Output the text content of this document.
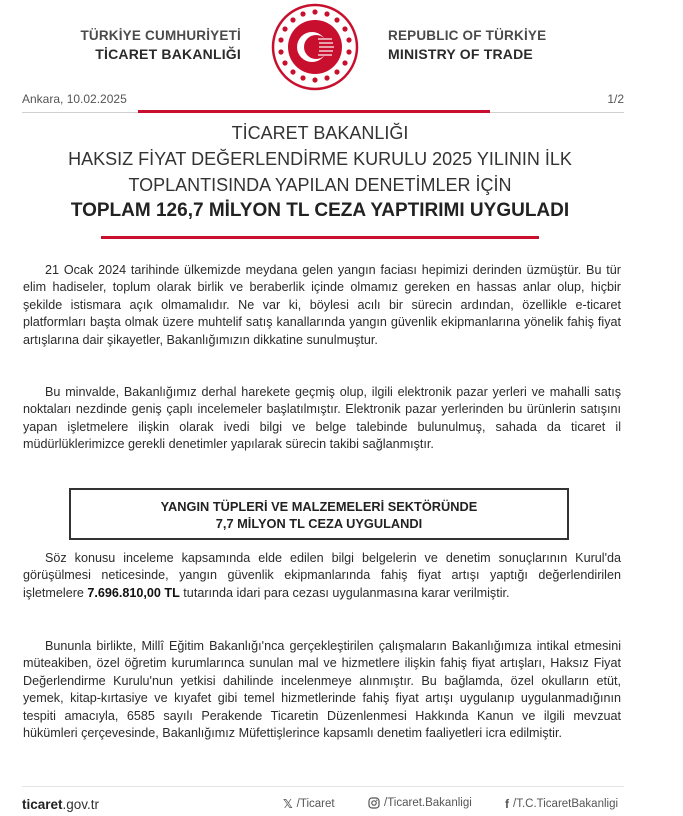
TÜRKİYE CUMHURİYETİ
TİCARET BAKANLIĞI
REPUBLIC OF TÜRKİYE
MINISTRY OF TRADE
Ankara, 10.02.2025	1/2
TİCARET BAKANLIĞI
HAKSIZ FİYAT DEĞERLENDİRME KURULU 2025 YILININ İLK
TOPLANTISINDA YAPILAN DENETİMLER İÇİN
TOPLAM 126,7 MİLYON TL CEZA YAPTIRIMI UYGULADI
21 Ocak 2024 tarihinde ülkemizde meydana gelen yangın faciası hepimizi derinden üzmüştür. Bu tür elim hadiseler, toplum olarak birlik ve beraberlik içinde olmamız gereken en hassas anlar olup, hiçbir şekilde istismara açık olmamalıdır. Ne var ki, böylesi acılı bir sürecin ardından, özellikle e-ticaret platformları başta olmak üzere muhtelif satış kanallarında yangın güvenlik ekipmanlarına yönelik fahiş fiyat artışlarına dair şikayetler, Bakanlığımızın dikkatine sunulmuştur.
Bu minvalde, Bakanlığımız derhal harekete geçmiş olup, ilgili elektronik pazar yerleri ve mahalli satış noktaları nezdinde geniş çaplı incelemeler başlatılmıştır. Elektronik pazar yerlerinden bu ürünlerin satışını yapan işletmelere ilişkin olarak ivedi bilgi ve belge talebinde bulunulmuş, sahada da ticaret il müdürlüklerimizce gerekli denetimler yapılarak sürecin takibi sağlanmıştır.
YANGIN TÜPLERİ VE MALZEMELERİ SEKTÖRÜNDE
7,7 MİLYON TL CEZA UYGULANDI
Söz konusu inceleme kapsamında elde edilen bilgi belgelerin ve denetim sonuçlarının Kurul'da görüşülmesi neticesinde, yangın güvenlik ekipmanlarında fahiş fiyat artışı yaptığı değerlendirilen işletmelere 7.696.810,00 TL tutarında idari para cezası uygulanmasına karar verilmiştir.
Bununla birlikte, Millî Eğitim Bakanlığı'nca gerçekleştirilen çalışmaların Bakanlığımıza intikal etmesini müteakiben, özel öğretim kurumlarınca sunulan mal ve hizmetlere ilişkin fahiş fiyat artışları, Haksız Fiyat Değerlendirme Kurulu'nun yetkisi dahilinde incelenmeye alınmıştır. Bu bağlamda, özel okulların etüt, yemek, kitap-kırtasiye ve kıyafet gibi temel hizmetlerinde fahiş fiyat artışı uygulanıp uygulanmadığının tespiti amacıyla, 6585 sayılı Perakende Ticaretin Düzenlenmesi Hakkında Kanun ve ilgili mevzuat hükümleri çerçevesinde, Bakanlığımız Müfettişlerince kapsamlı denetim faaliyetleri icra edilmiştir.
ticaret.gov.tr	𝕏 /Ticaret	/Ticaret.Bakanligi	f /T.C.TicaretBakanligi
